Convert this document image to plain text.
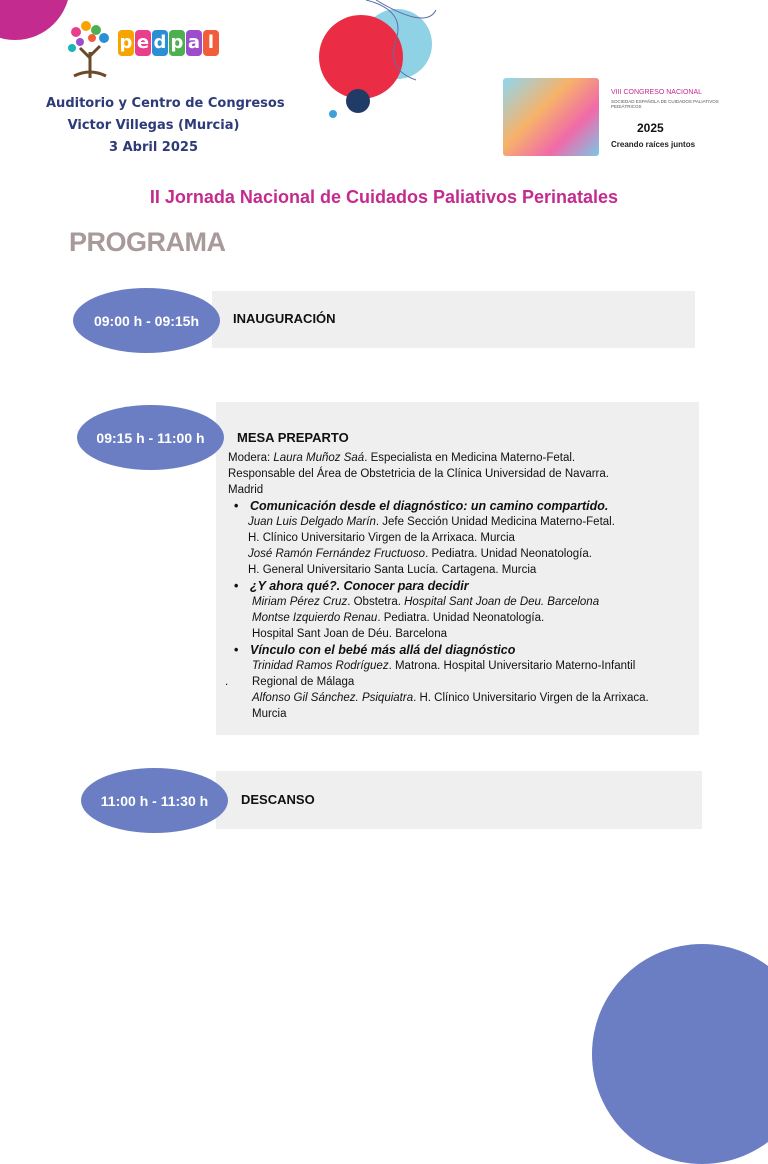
p e d p a l
Auditorio y Centro de Congresos
Victor Villegas (Murcia)
3 Abril 2025
VIII CONGRESO NACIONAL
SOCIEDAD ESPAÑOLA DE CUIDADOS PALIATIVOS PEDIÁTRICOS
2025
Creando raíces juntos
II Jornada Nacional de Cuidados Paliativos Perinatales
PROGRAMA
09:00 h - 09:15h	INAUGURACIÓN
09:15 h - 11:00 h	MESA PREPARTO
Modera: Laura Muñoz Saá. Especialista en Medicina Materno-Fetal.
Responsable del Área de Obstetricia de la Clínica Universidad de Navarra.
Madrid
• Comunicación desde el diagnóstico: un camino compartido.
Juan Luis Delgado Marín. Jefe Sección Unidad Medicina Materno-Fetal.
H. Clínico Universitario Virgen de la Arrixaca. Murcia
José Ramón Fernández Fructuoso. Pediatra. Unidad Neonatología.
H. General Universitario Santa Lucía. Cartagena. Murcia
• ¿Y ahora qué?. Conocer para decidir
Miriam Pérez Cruz. Obstetra. Hospital Sant Joan de Deu. Barcelona
Montse Izquierdo Renau. Pediatra. Unidad Neonatología.
Hospital Sant Joan de Déu. Barcelona
• Vínculo con el bebé más allá del diagnóstico
Trinidad Ramos Rodríguez. Matrona. Hospital Universitario Materno-Infantil
. Regional de Málaga
Alfonso Gil Sánchez. Psiquiatra. H. Clínico Universitario Virgen de la Arrixaca.
Murcia
11:00 h - 11:30 h	DESCANSO
